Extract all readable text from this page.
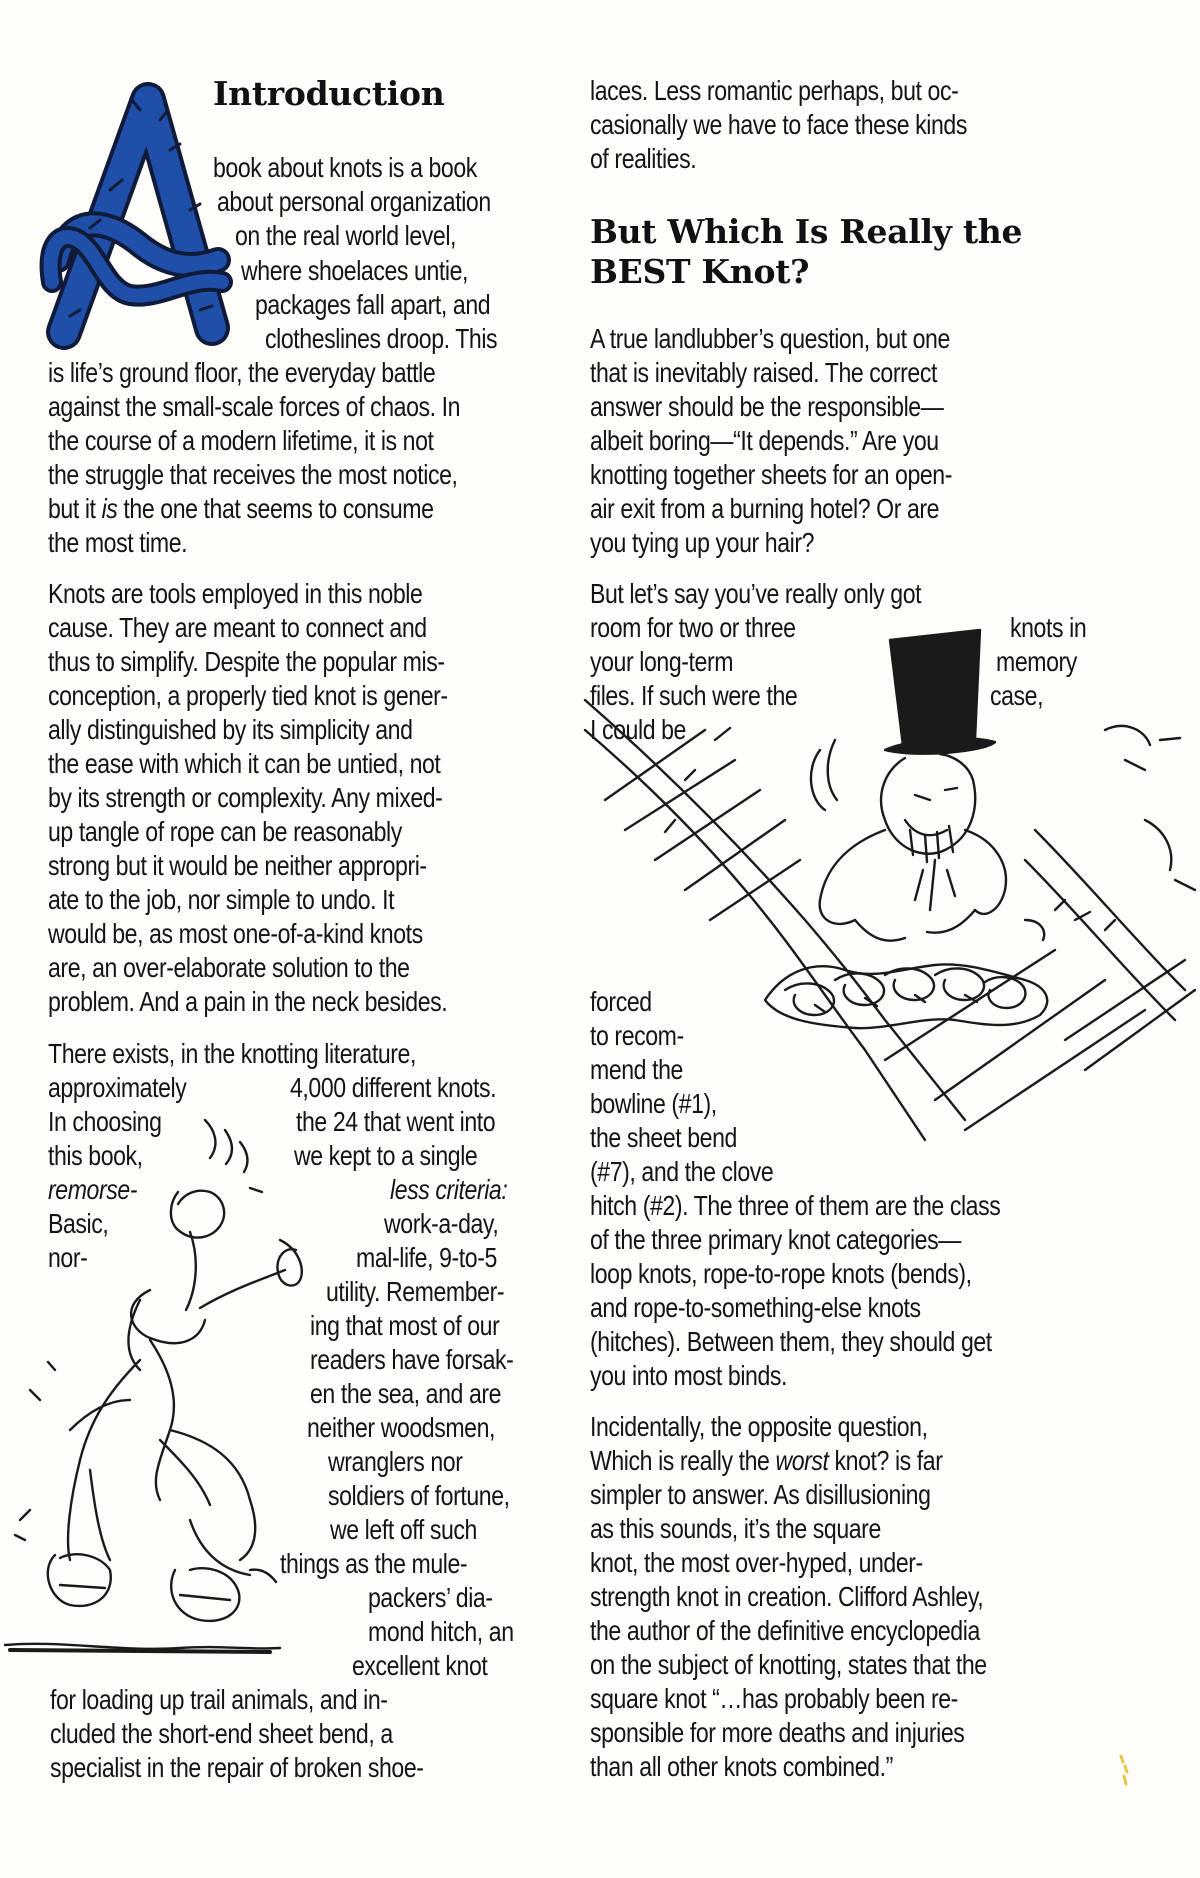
Introduction

book about knots is a book

about personal organization

on the real world level,

where shoelaces untie,

packages fall apart, and

clotheslines droop. This

is life’s ground floor, the everyday battle

against the small-scale forces of chaos. In

the course of a modern lifetime, it is not

the struggle that receives the most notice,

but it is the one that seems to consume

the most time.

Knots are tools employed in this noble

cause. They are meant to connect and

thus to simplify. Despite the popular mis-

conception, a properly tied knot is gener-

ally distinguished by its simplicity and

the ease with which it can be untied, not

by its strength or complexity. Any mixed-

up tangle of rope can be reasonably

strong but it would be neither appropri-

ate to the job, nor simple to undo. It

would be, as most one-of-a-kind knots

are, an over-elaborate solution to the

problem. And a pain in the neck besides.

There exists, in the knotting literature,

approximately	4,000 different knots.

In choosing	the 24 that went into

this book,	we kept to a single

remorse-	less criteria:

Basic,	work-a-day,

nor-	mal-life, 9-to-5

utility. Remember-

ing that most of our

readers have forsak-

en the sea, and are

neither woodsmen,

wranglers nor

soldiers of fortune,

we left off such

things as the mule-

packers’ dia-

mond hitch, an

excellent knot

for loading up trail animals, and in-

cluded the short-end sheet bend, a

specialist in the repair of broken shoe-

laces. Less romantic perhaps, but oc-

casionally we have to face these kinds

of realities.

But Which Is Really the
BEST Knot?

A true landlubber’s question, but one

that is inevitably raised. The correct

answer should be the responsible—

albeit boring—“It depends.” Are you

knotting together sheets for an open-

air exit from a burning hotel? Or are

you tying up your hair?

But let’s say you’ve really only got

room for two or three	knots in

your long-term	memory

files. If such were the	case,

I could be

forced

to recom-

mend the

bowline (#1),

the sheet bend

(#7), and the clove

hitch (#2). The three of them are the class

of the three primary knot categories—

loop knots, rope-to-rope knots (bends),

and rope-to-something-else knots

(hitches). Between them, they should get

you into most binds.

Incidentally, the opposite question,

Which is really the worst knot? is far

simpler to answer. As disillusioning

as this sounds, it’s the square

knot, the most over-hyped, under-

strength knot in creation. Clifford Ashley,

the author of the definitive encyclopedia

on the subject of knotting, states that the

square knot “…has probably been re-

sponsible for more deaths and injuries

than all other knots combined.”
